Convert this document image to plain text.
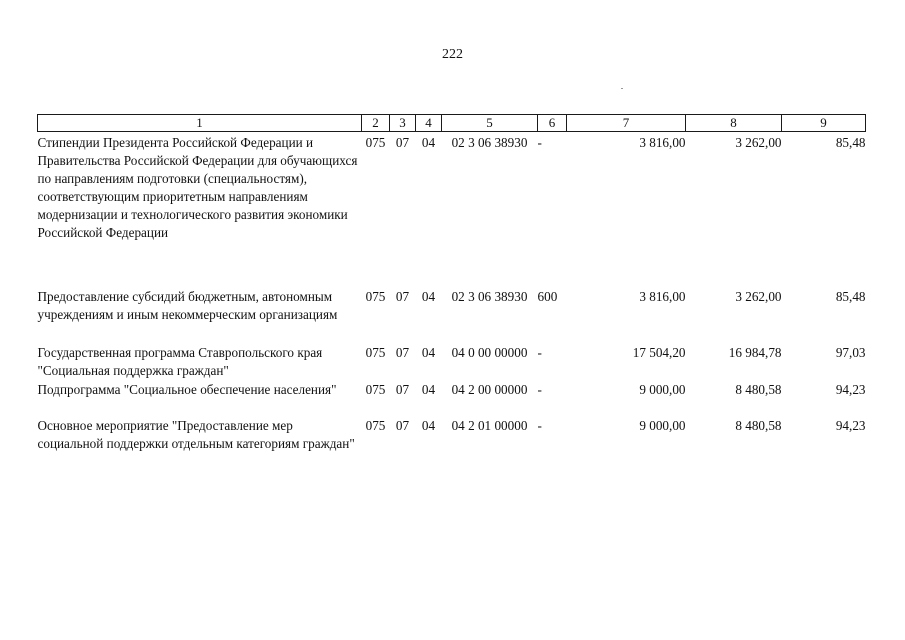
222
1	2	3	4	5	6	7	8	9
Стипендии Президента Российской Федерации и Правительства Российской Федерации для обучающихся по направлениям подготовки (специальностям), соответствующим приоритетным направлениям модернизации и технологического развития экономики Российской Федерации	075	07	04	02 3 06 38930	-	3 816,00	3 262,00	85,48
Предоставление субсидий бюджетным, автономным учреждениям и иным некоммерческим организациям	075	07	04	02 3 06 38930	600	3 816,00	3 262,00	85,48
Государственная программа Ставропольского края "Социальная поддержка граждан"	075	07	04	04 0 00 00000	-	17 504,20	16 984,78	97,03
Подпрограмма "Социальное обеспечение населения"	075	07	04	04 2 00 00000	-	9 000,00	8 480,58	94,23
Основное мероприятие "Предоставление мер социальной поддержки отдельным категориям граждан"	075	07	04	04 2 01 00000	-	9 000,00	8 480,58	94,23
